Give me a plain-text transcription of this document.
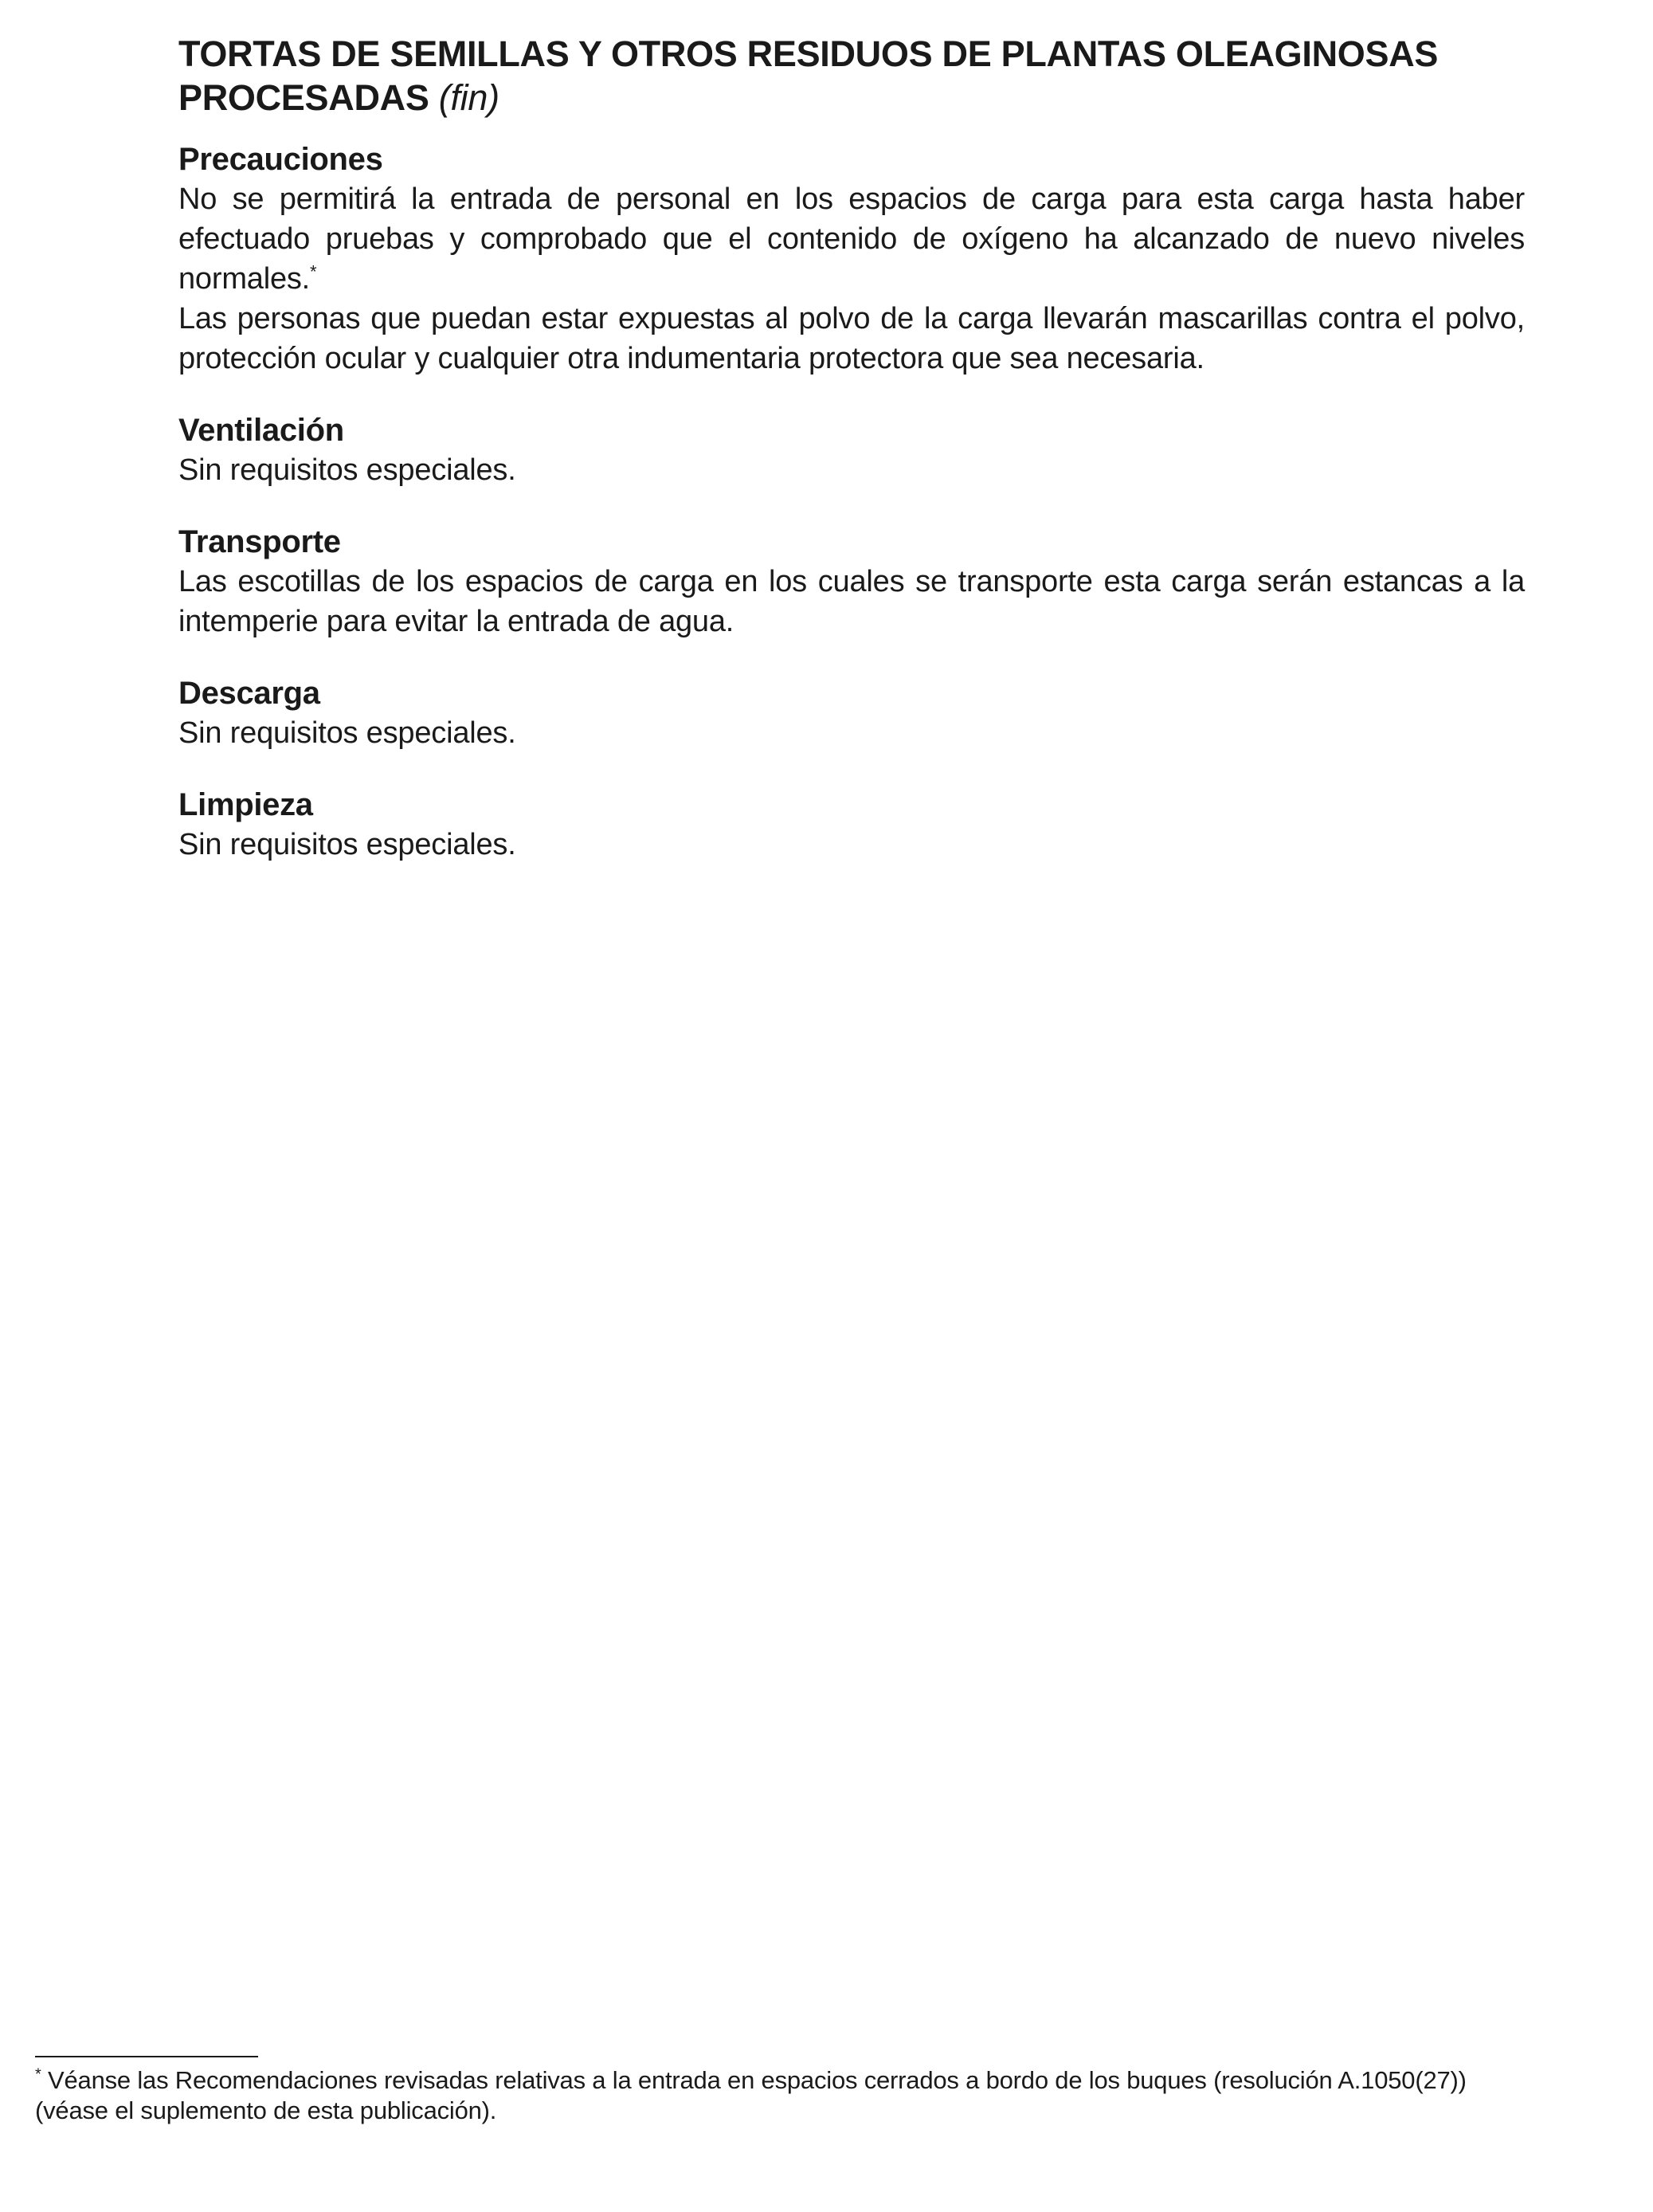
TORTAS DE SEMILLAS Y OTROS RESIDUOS DE PLANTAS OLEAGINOSAS PROCESADAS (fin)
Precauciones

No se permitirá la entrada de personal en los espacios de carga para esta carga hasta haber efectuado pruebas y comprobado que el contenido de oxígeno ha alcanzado de nuevo niveles normales.*

Las personas que puedan estar expuestas al polvo de la carga llevarán mascarillas contra el polvo, protección ocular y cualquier otra indumentaria protectora que sea necesaria.

Ventilación

Sin requisitos especiales.

Transporte

Las escotillas de los espacios de carga en los cuales se transporte esta carga serán estancas a la intemperie para evitar la entrada de agua.

Descarga

Sin requisitos especiales.

Limpieza

Sin requisitos especiales.

* Véanse las Recomendaciones revisadas relativas a la entrada en espacios cerrados a bordo de los buques (resolución A.1050(27)) (véase el suplemento de esta publicación).
